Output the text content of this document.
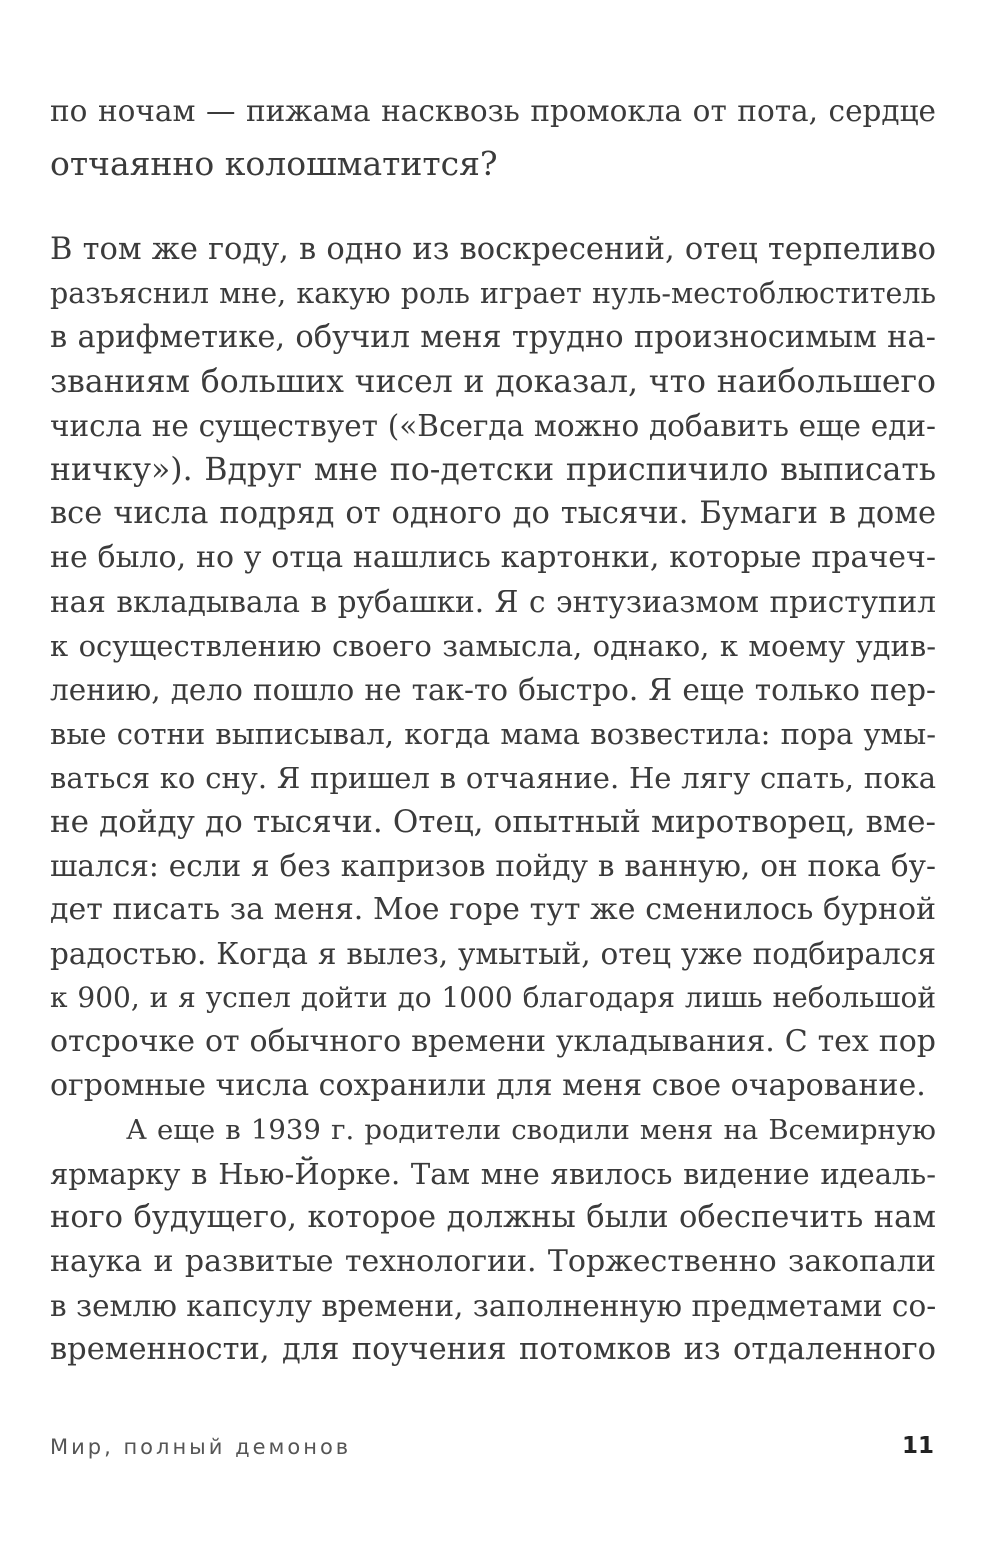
по ночам — пижама насквозь промокла от пота, сердце
отчаянно колошматится?
В том же году, в одно из воскресений, отец терпеливо
разъяснил мне, какую роль играет нуль-местоблюститель
в арифметике, обучил меня трудно произносимым на-
званиям больших чисел и доказал, что наибольшего
числа не существует («Всегда можно добавить еще еди-
ничку»). Вдруг мне по-детски приспичило выписать
все числа подряд от одного до тысячи. Бумаги в доме
не было, но у отца нашлись картонки, которые прачеч-
ная вкладывала в рубашки. Я с энтузиазмом приступил
к осуществлению своего замысла, однако, к моему удив-
лению, дело пошло не так-то быстро. Я еще только пер-
вые сотни выписывал, когда мама возвестила: пора умы-
ваться ко сну. Я пришел в отчаяние. Не лягу спать, пока
не дойду до тысячи. Отец, опытный миротворец, вме-
шался: если я без капризов пойду в ванную, он пока бу-
дет писать за меня. Мое горе тут же сменилось бурной
радостью. Когда я вылез, умытый, отец уже подбирался
к 900, и я успел дойти до 1000 благодаря лишь небольшой
отсрочке от обычного времени укладывания. С тех пор
огромные числа сохранили для меня свое очарование.
А еще в 1939 г. родители сводили меня на Всемирную
ярмарку в Нью-Йорке. Там мне явилось видение идеаль-
ного будущего, которое должны были обеспечить нам
наука и развитые технологии. Торжественно закопали
в землю капсулу времени, заполненную предметами со-
временности, для поучения потомков из отдаленного
Мир, полный демонов	11
